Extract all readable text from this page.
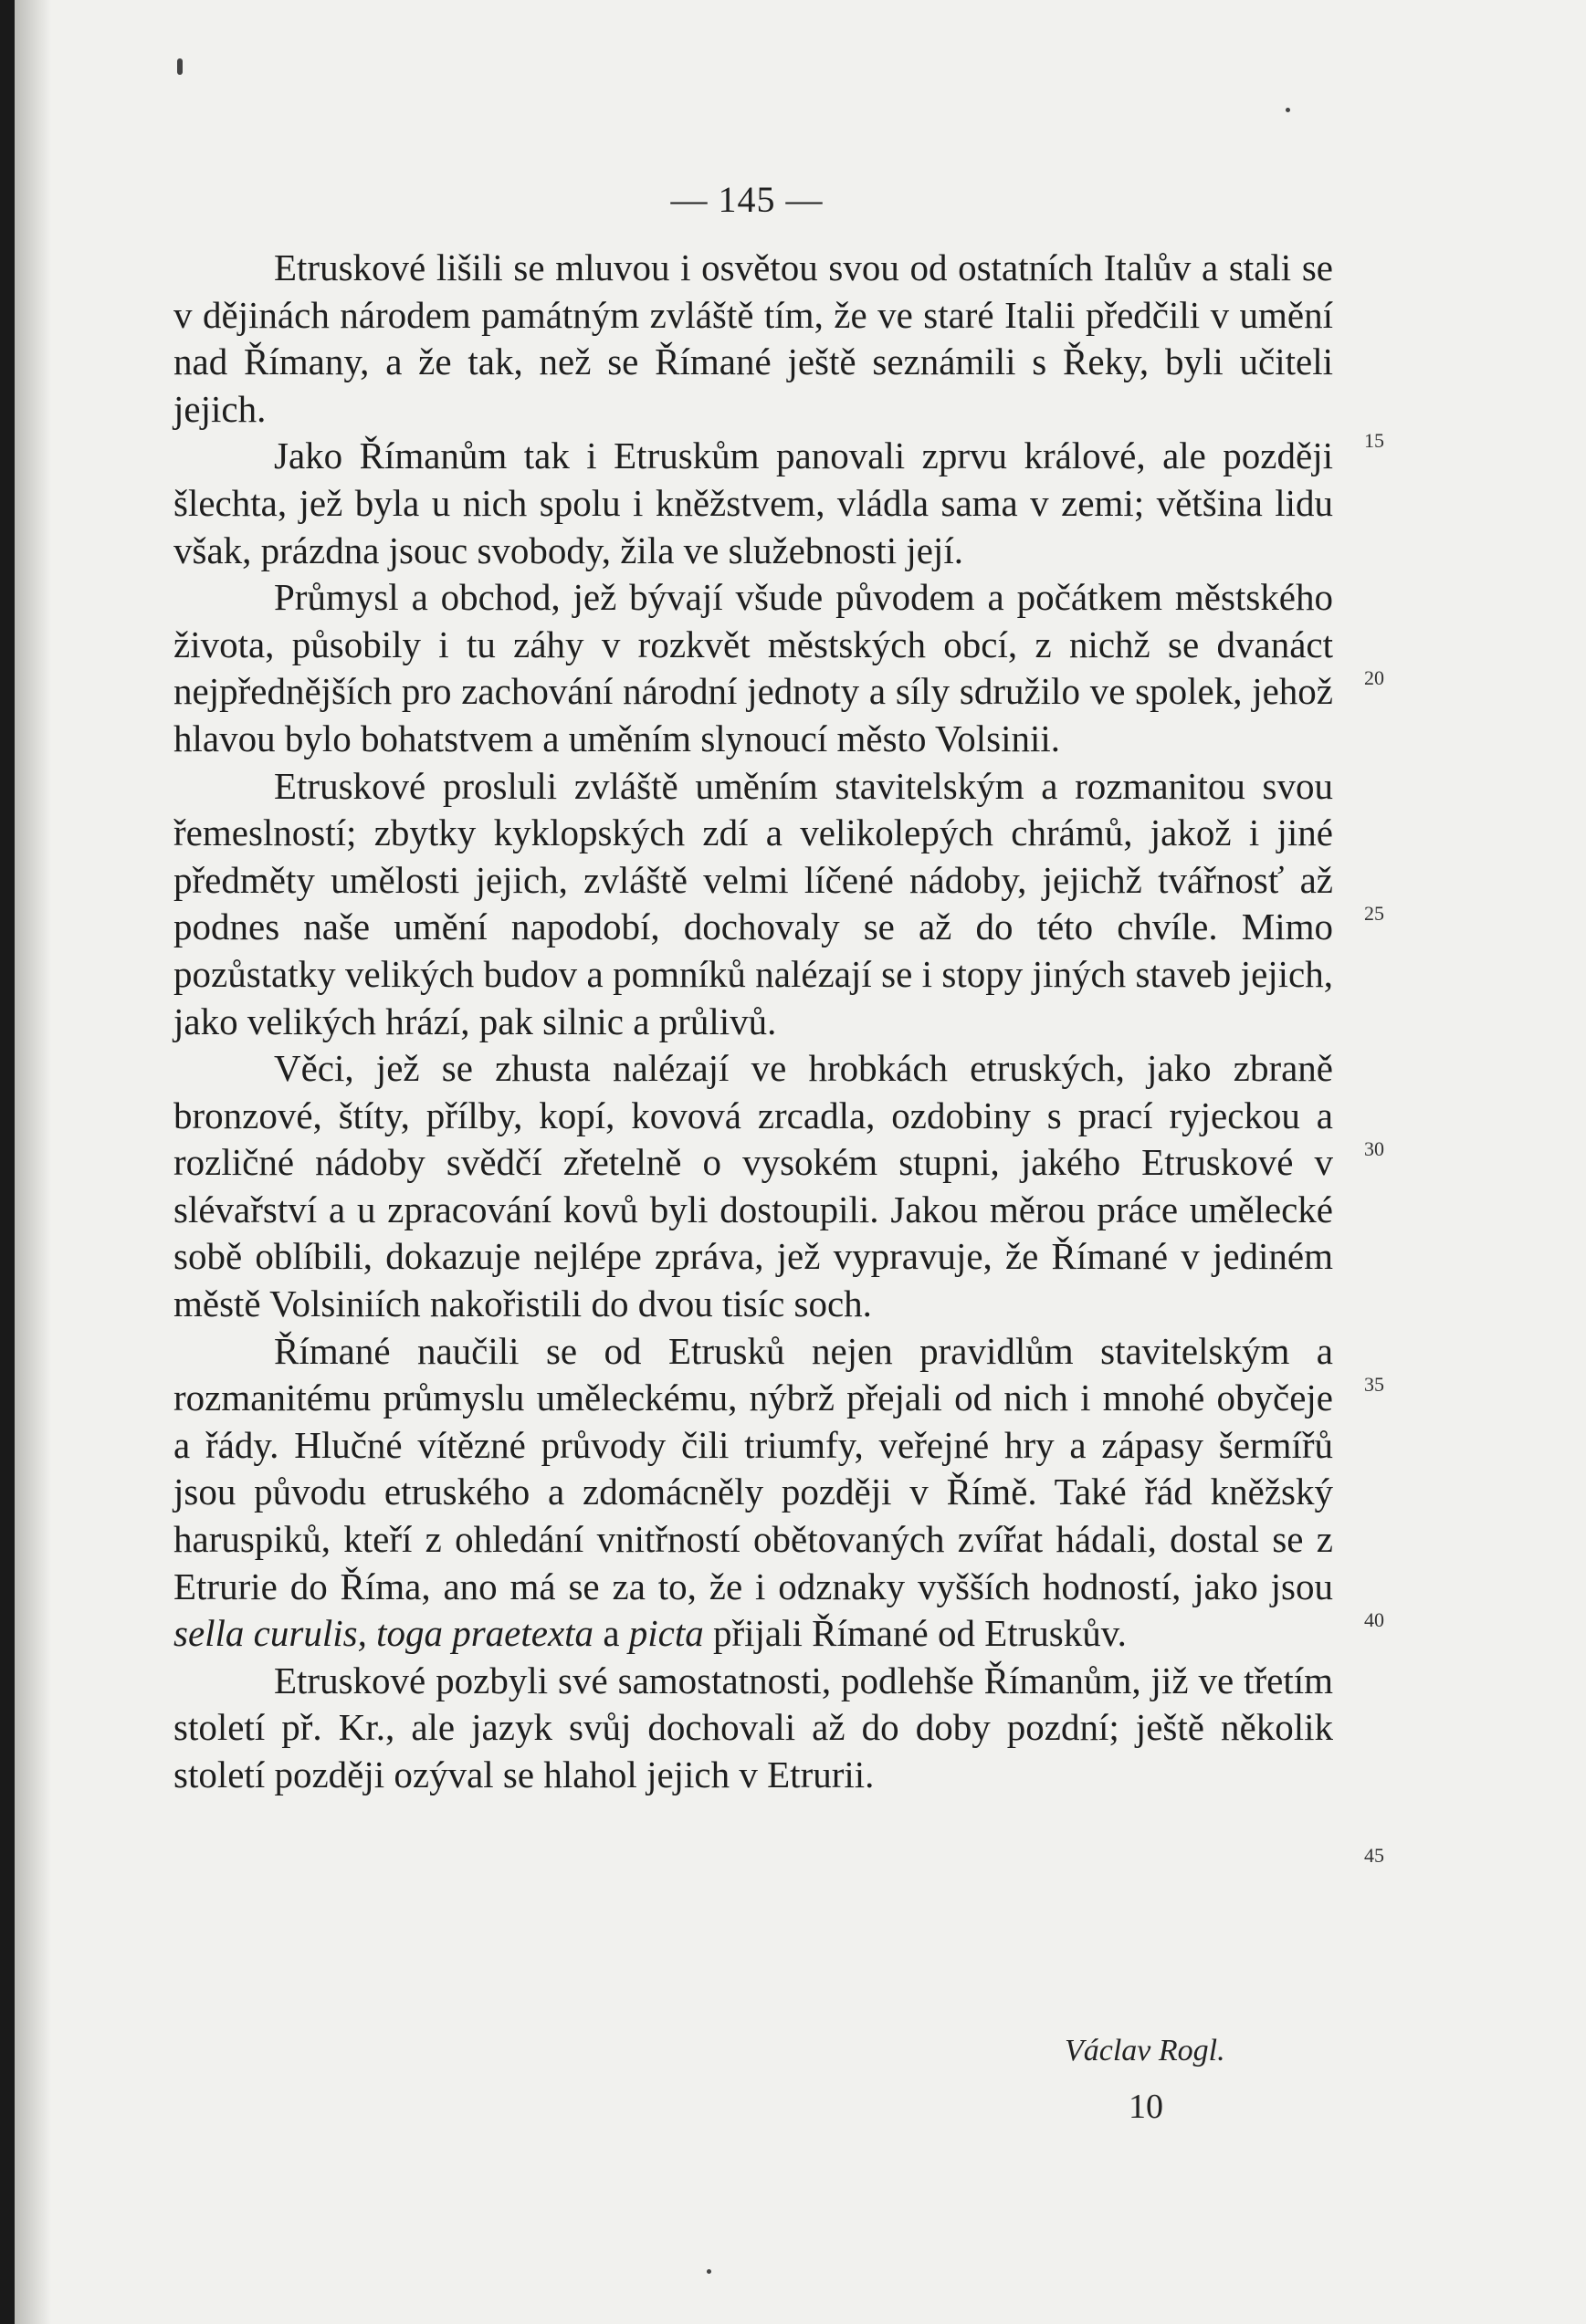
— 145 —

Etruskové lišili se mluvou i osvětou svou od ostatních Italův a stali se v dějinách národem památným zvláště tím, že ve staré Italii předčili v umění nad Římany, a že tak, než se Římané ještě seznámili s Řeky, byli učiteli jejich.

Jako Římanům tak i Etruskům panovali zprvu králové, ale později šlechta, jež byla u nich spolu i kněžstvem, vládla sama v zemi; většina lidu však, prázdna jsouc svobody, žila ve služebnosti její.

Průmysl a obchod, jež bývají všude původem a počátkem městského života, působily i tu záhy v rozkvět městských obcí, z nichž se dvanáct nejpřednějších pro zachování národní jednoty a síly sdružilo ve spolek, jehož hlavou bylo bohatstvem a uměním slynoucí město Volsinii.

Etruskové prosluli zvláště uměním stavitelským a rozmanitou svou řemeslností; zbytky kyklopských zdí a velikolepých chrámů, jakož i jiné předměty umělosti jejich, zvláště velmi líčené nádoby, jejichž tvářnosť až podnes naše umění napodobí, dochovaly se až do této chvíle. Mimo pozůstatky velikých budov a pomníků nalézají se i stopy jiných staveb jejich, jako velikých hrází, pak silnic a průlivů.

Věci, jež se zhusta nalézají ve hrobkách etruských, jako zbraně bronzové, štíty, přílby, kopí, kovová zrcadla, ozdobiny s prací ryjeckou a rozličné nádoby svědčí zřetelně o vysokém stupni, jakého Etruskové v slévařství a u zpracování kovů byli dostoupili. Jakou měrou práce umělecké sobě oblíbili, dokazuje nejlépe zpráva, jež vypravuje, že Římané v jediném městě Volsiniích nakořistili do dvou tisíc soch.

Římané naučili se od Etrusků nejen pravidlům stavitelským a rozmanitému průmyslu uměleckému, nýbrž přejali od nich i mnohé obyčeje a řády. Hlučné vítězné průvody čili triumfy, veřejné hry a zápasy šermířů jsou původu etruského a zdomácněly později v Římě. Také řád kněžský haruspiků, kteří z ohledání vnitřností obětovaných zvířat hádali, dostal se z Etrurie do Říma, ano má se za to, že i odznaky vyšších hodností, jako jsou sella curulis, toga praetexta a picta přijali Římané od Etruskův.

Etruskové pozbyli své samostatnosti, podlehše Římanům, již ve třetím století př. Kr., ale jazyk svůj dochovali až do doby pozdní; ještě několik století později ozýval se hlahol jejich v Etrurii.

15
20
25
30
35
40
45
Václav Rogl.
10
